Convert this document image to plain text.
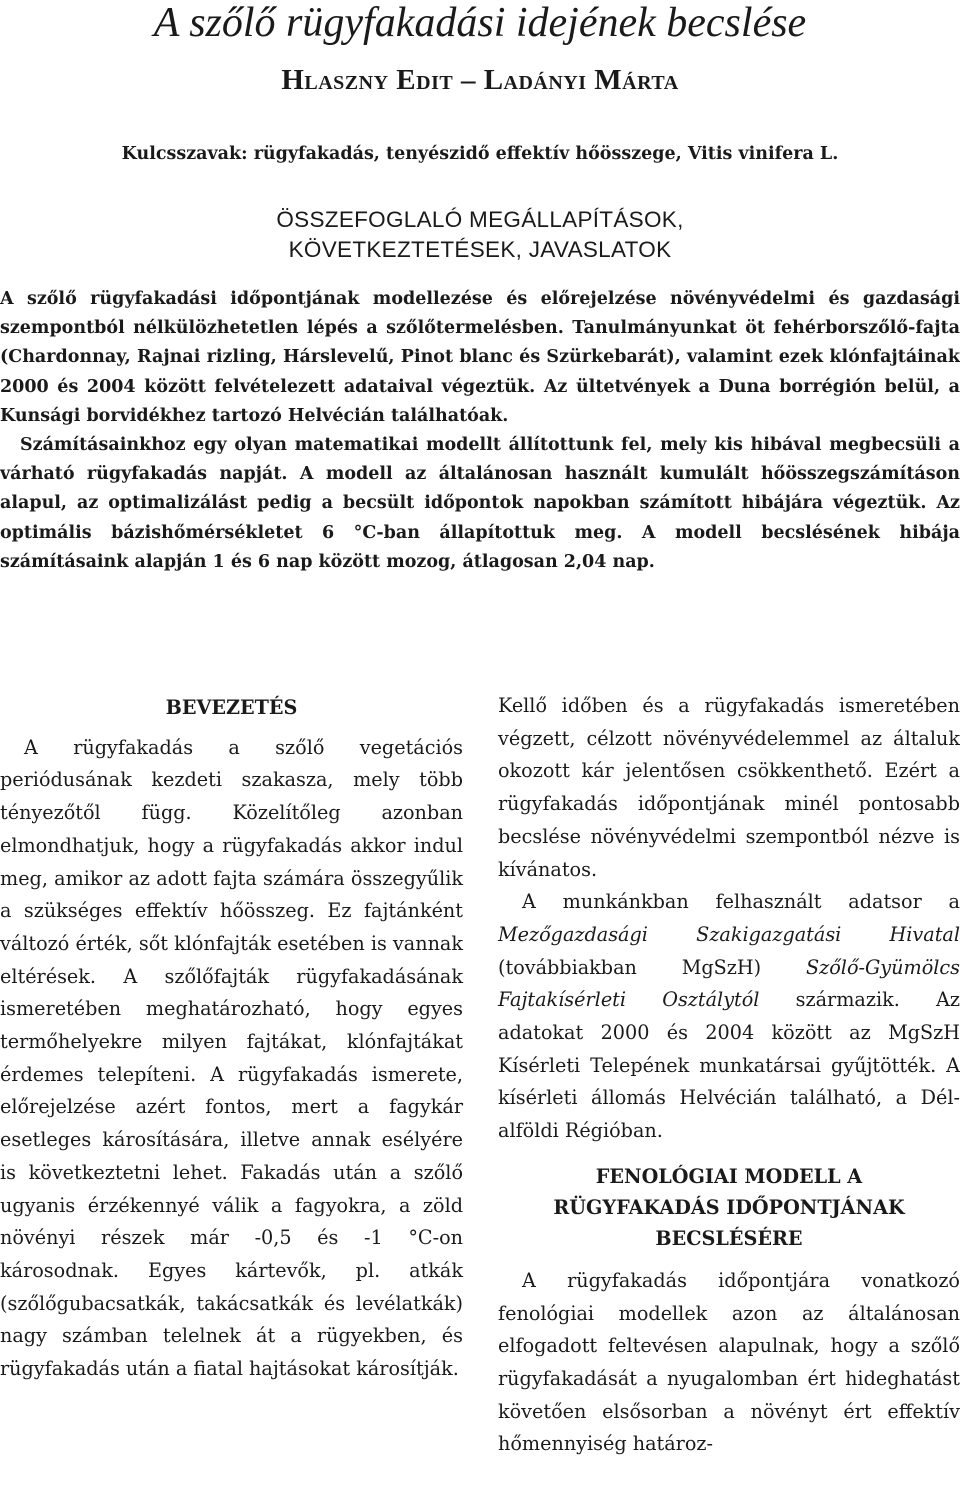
A szőlő rügyfakadási idejének becslése
Hlaszny Edit – Ladányi Márta
Kulcsszavak: rügyfakadás, tenyészidő effektív hőösszege, Vitis vinifera L.
ÖSSZEFOGLALÓ MEGÁLLAPÍTÁSOK,
KÖVETKEZTETÉSEK, JAVASLATOK

A szőlő rügyfakadási időpontjának modellezése és előrejelzése növényvédelmi és gazdasági szempontból nélkülözhetetlen lépés a szőlőtermelésben. Tanulmányunkat öt fehérborszőlő-fajta (Chardonnay, Rajnai rizling, Hárslevelű, Pinot blanc és Szürkebarát), valamint ezek klónfajtáinak 2000 és 2004 között felvételezett adataival végeztük. Az ültetvények a Duna borrégión belül, a Kunsági borvidékhez tartozó Helvécián találhatóak.

Számításainkhoz egy olyan matematikai modellt állítottunk fel, mely kis hibával megbecsüli a várható rügyfakadás napját. A modell az általánosan használt kumulált hőösszegszámításon alapul, az optimalizálást pedig a becsült időpontok napokban számított hibájára végeztük. Az optimális bázishőmérsékletet 6 °C-ban állapítottuk meg. A modell becslésének hibája számításaink alapján 1 és 6 nap között mozog, átlagosan 2,04 nap.

BEVEZETÉS

A rügyfakadás a szőlő vegetációs periódusának kezdeti szakasza, mely több tényezőtől függ. Közelítőleg azonban elmondhatjuk, hogy a rügyfakadás akkor indul meg, amikor az adott fajta számára összegyűlik a szükséges effektív hőösszeg. Ez fajtánként változó érték, sőt klónfajták esetében is vannak eltérések. A szőlőfajták rügyfakadásának ismeretében meghatározható, hogy egyes termőhelyekre milyen fajtákat, klónfajtákat érdemes telepíteni. A rügyfakadás ismerete, előrejelzése azért fontos, mert a fagykár esetleges károsítására, illetve annak esélyére is következtetni lehet. Fakadás után a szőlő ugyanis érzékennyé válik a fagyokra, a zöld növényi részek már -0,5 és -1 °C-on károsodnak. Egyes kártevők, pl. atkák (szőlőgubacsatkák, takácsatkák és levélatkák) nagy számban telelnek át a rügyekben, és rügyfakadás után a fiatal hajtásokat károsítják.

Kellő időben és a rügyfakadás ismeretében végzett, célzott növényvédelemmel az általuk okozott kár jelentősen csökkenthető. Ezért a rügyfakadás időpontjának minél pontosabb becslése növényvédelmi szempontból nézve is kívánatos.

A munkánkban felhasznált adatsor a Mezőgazdasági Szakigazgatási Hivatal (továbbiakban MgSzH) Szőlő-Gyümölcs Fajtakísérleti Osztálytól származik. Az adatokat 2000 és 2004 között az MgSzH Kísérleti Telepének munkatársai gyűjtötték. A kísérleti állomás Helvécián található, a Dél-alföldi Régióban.

FENOLÓGIAI MODELL A
RÜGYFAKADÁS IDŐPONTJÁNAK
BECSLÉSÉRE

A rügyfakadás időpontjára vonatkozó fenológiai modellek azon az általánosan elfogadott feltevésen alapulnak, hogy a szőlő rügyfakadását a nyugalomban ért hideghatást követően elsősorban a növényt ért effektív hőmennyiség határoz-
